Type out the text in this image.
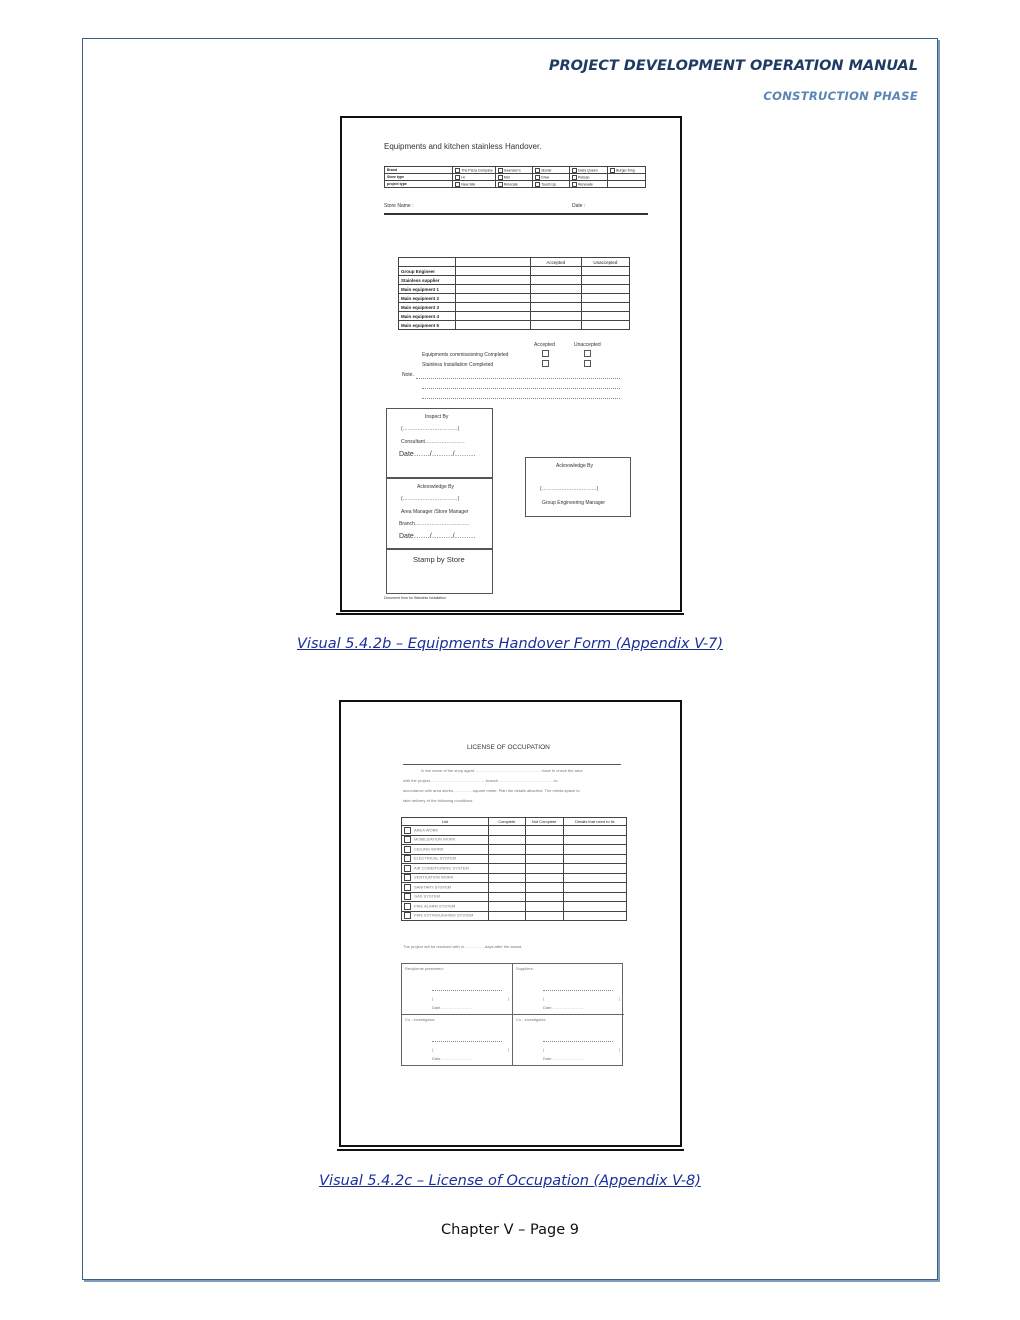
PROJECT DEVELOPMENT OPERATION MANUAL
CONSTRUCTION PHASE
Equipments and kitchen stainless Handover.
Brand	The Pizza Company	Swensen's	Sizzler	Dairy Queen	Burger King
Store type	Hi	Mid	Drive	Pelican	
project type	New Site	Relocate	Touch Up	Renovate	
Store Name :	Date :
		Accepted	Unaccepted
Group Engineer			
Stainless supplier			
Main equipment 1			
Main equipment 2			
Main equipment 3			
Main equipment 4			
Main equipment 5			
Accepted	Unaccepted
Equipments commissioning Completed
Stainless Installation Completed
Note.
Inspect By
(……………………………)
Consultant……………………
Date……./………/………
Acknowledge By
(……………………………)
Area Manager /Store Manager
Branch……………………………
Date……./………/………
Stamp by Store
Acknowledge By
(……………………………)
Group Engineering Manager
Document form for Stainless Installation
Visual 5.4.2b – Equipments Handover Form (Appendix V-7)
LICENSE OF OCCUPATION
In the name of the shop agent……………………………………………have to check the area
with the project……………………………………branch……………………………………In
accordance with area stores……………square meter. Plan the details attached. The mtrals space to
take delivery of the following conditions.
List	Complete	Not Complete	Details that need to fix
AREA WORK			
MOBILIZATION WORK			
CEILING WORK			
ELECTRICAL SYSTEM			
AIR CONDITIONING SYSTEM			
VENTILATION WORK			
SANITARY SYSTEM			
GAS SYSTEM			
FIRE ALARM SYSTEM			
FIRE EXTINGUISHING SYSTEM			
The project will be resolved with in…………….days after the award.
Recipients presented:
(	)
Date……………………
Suppliers:
(	)
Date……………………
Co - investigator:
(	)
Date……………………
Co - investigator:
(	)
Date……………………
Visual 5.4.2c – License of Occupation (Appendix V-8)
Chapter V – Page 9
